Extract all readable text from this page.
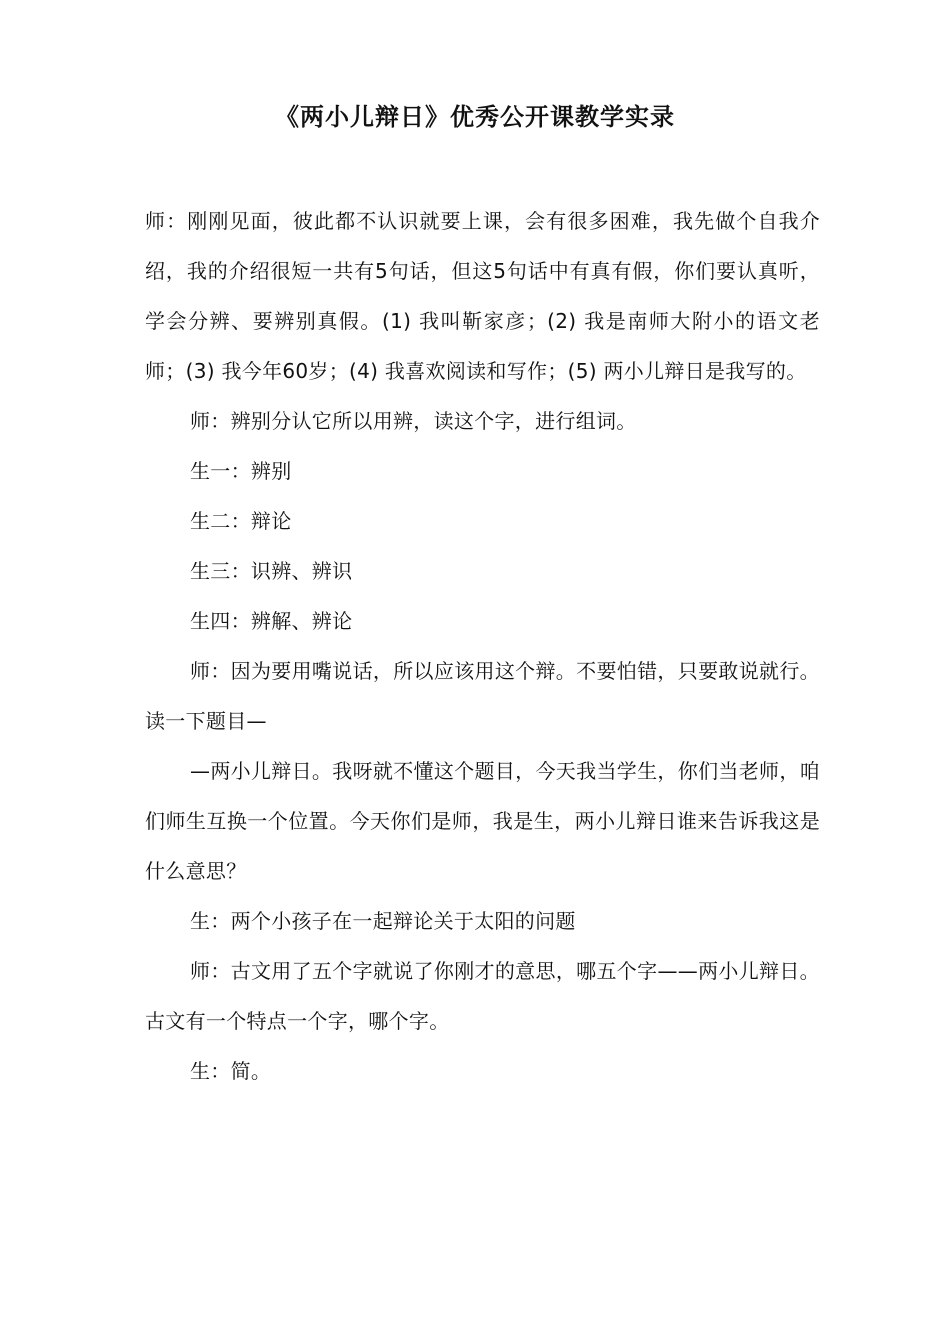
《两小儿辩日》优秀公开课教学实录

师：刚刚见面，彼此都不认识就要上课，会有很多困难，我先做个自我介绍，我的介绍很短一共有5句话，但这5句话中有真有假，你们要认真听，学会分辨、要辨别真假。(1) 我叫靳家彦；(2) 我是南师大附小的语文老师；(3) 我今年60岁；(4) 我喜欢阅读和写作；(5) 两小儿辩日是我写的。

师：辨别分认它所以用辨，读这个字，进行组词。

生一：辨别

生二：辩论

生三：识辨、辨识

生四：辨解、辨论

师：因为要用嘴说话，所以应该用这个辩。不要怕错，只要敢说就行。读一下题目—

—两小儿辩日。我呀就不懂这个题目，今天我当学生，你们当老师，咱们师生互换一个位置。今天你们是师，我是生，两小儿辩日谁来告诉我这是什么意思？

生：两个小孩子在一起辩论关于太阳的问题

师：古文用了五个字就说了你刚才的意思，哪五个字——两小儿辩日。古文有一个特点一个字，哪个字。

生：简。
